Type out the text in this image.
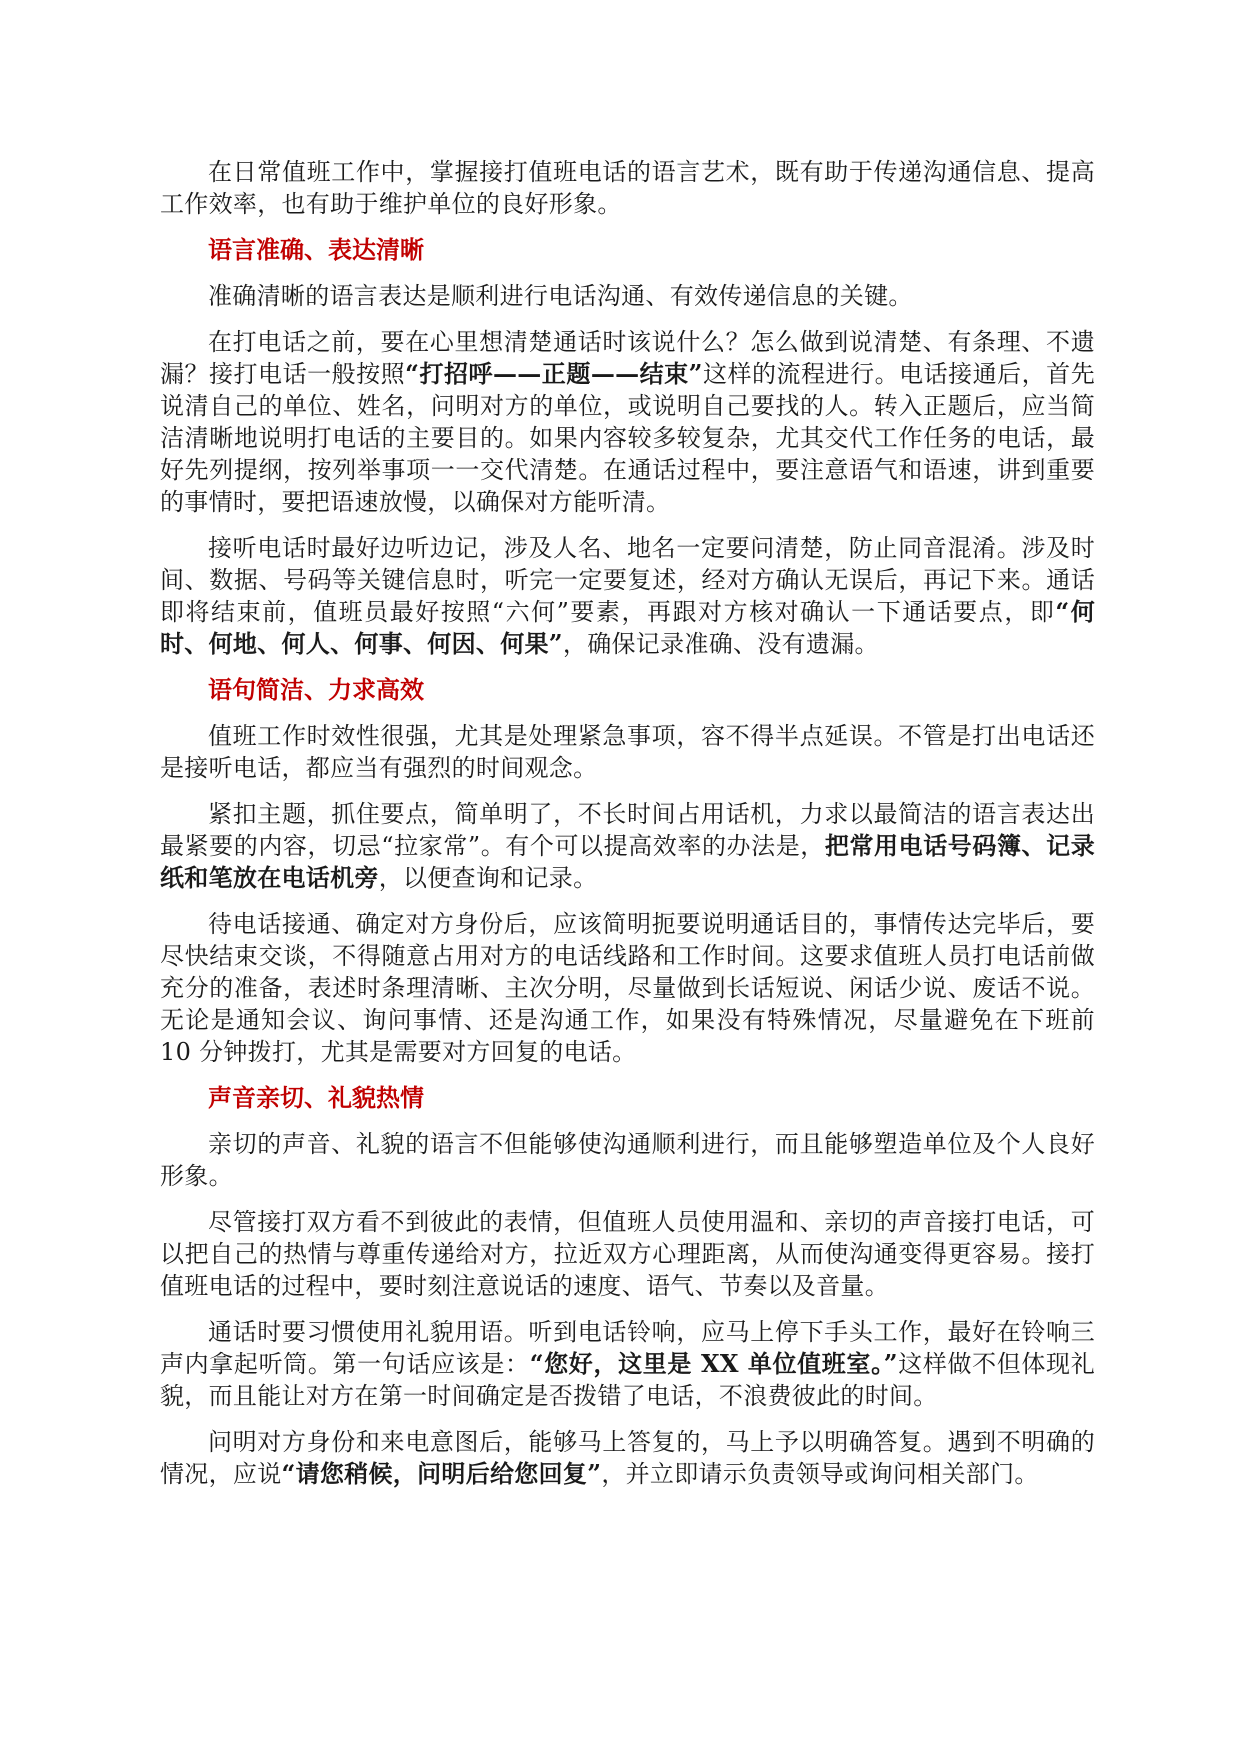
在日常值班工作中，掌握接打值班电话的语言艺术，既有助于传递沟通信息、提高工作效率，也有助于维护单位的良好形象。

语言准确、表达清晰

准确清晰的语言表达是顺利进行电话沟通、有效传递信息的关键。

在打电话之前，要在心里想清楚通话时该说什么？怎么做到说清楚、有条理、不遗漏？接打电话一般按照“打招呼——正题——结束”这样的流程进行。电话接通后，首先说清自己的单位、姓名，问明对方的单位，或说明自己要找的人。转入正题后，应当简洁清晰地说明打电话的主要目的。如果内容较多较复杂，尤其交代工作任务的电话，最好先列提纲，按列举事项一一交代清楚。在通话过程中，要注意语气和语速，讲到重要的事情时，要把语速放慢，以确保对方能听清。

接听电话时最好边听边记，涉及人名、地名一定要问清楚，防止同音混淆。涉及时间、数据、号码等关键信息时，听完一定要复述，经对方确认无误后，再记下来。通话即将结束前，值班员最好按照“六何”要素，再跟对方核对确认一下通话要点，即“何时、何地、何人、何事、何因、何果”，确保记录准确、没有遗漏。

语句简洁、力求高效

值班工作时效性很强，尤其是处理紧急事项，容不得半点延误。不管是打出电话还是接听电话，都应当有强烈的时间观念。

紧扣主题，抓住要点，简单明了，不长时间占用话机，力求以最简洁的语言表达出最紧要的内容，切忌“拉家常”。有个可以提高效率的办法是，把常用电话号码簿、记录纸和笔放在电话机旁，以便查询和记录。

待电话接通、确定对方身份后，应该简明扼要说明通话目的，事情传达完毕后，要尽快结束交谈，不得随意占用对方的电话线路和工作时间。这要求值班人员打电话前做充分的准备，表述时条理清晰、主次分明，尽量做到长话短说、闲话少说、废话不说。无论是通知会议、询问事情、还是沟通工作，如果没有特殊情况，尽量避免在下班前 10 分钟拨打，尤其是需要对方回复的电话。

声音亲切、礼貌热情

亲切的声音、礼貌的语言不但能够使沟通顺利进行，而且能够塑造单位及个人良好形象。

尽管接打双方看不到彼此的表情，但值班人员使用温和、亲切的声音接打电话，可以把自己的热情与尊重传递给对方，拉近双方心理距离，从而使沟通变得更容易。接打值班电话的过程中，要时刻注意说话的速度、语气、节奏以及音量。

通话时要习惯使用礼貌用语。听到电话铃响，应马上停下手头工作，最好在铃响三声内拿起听筒。第一句话应该是：“您好，这里是 XX 单位值班室。”这样做不但体现礼貌，而且能让对方在第一时间确定是否拨错了电话，不浪费彼此的时间。

问明对方身份和来电意图后，能够马上答复的，马上予以明确答复。遇到不明确的情况，应说“请您稍候，问明后给您回复”，并立即请示负责领导或询问相关部门。
